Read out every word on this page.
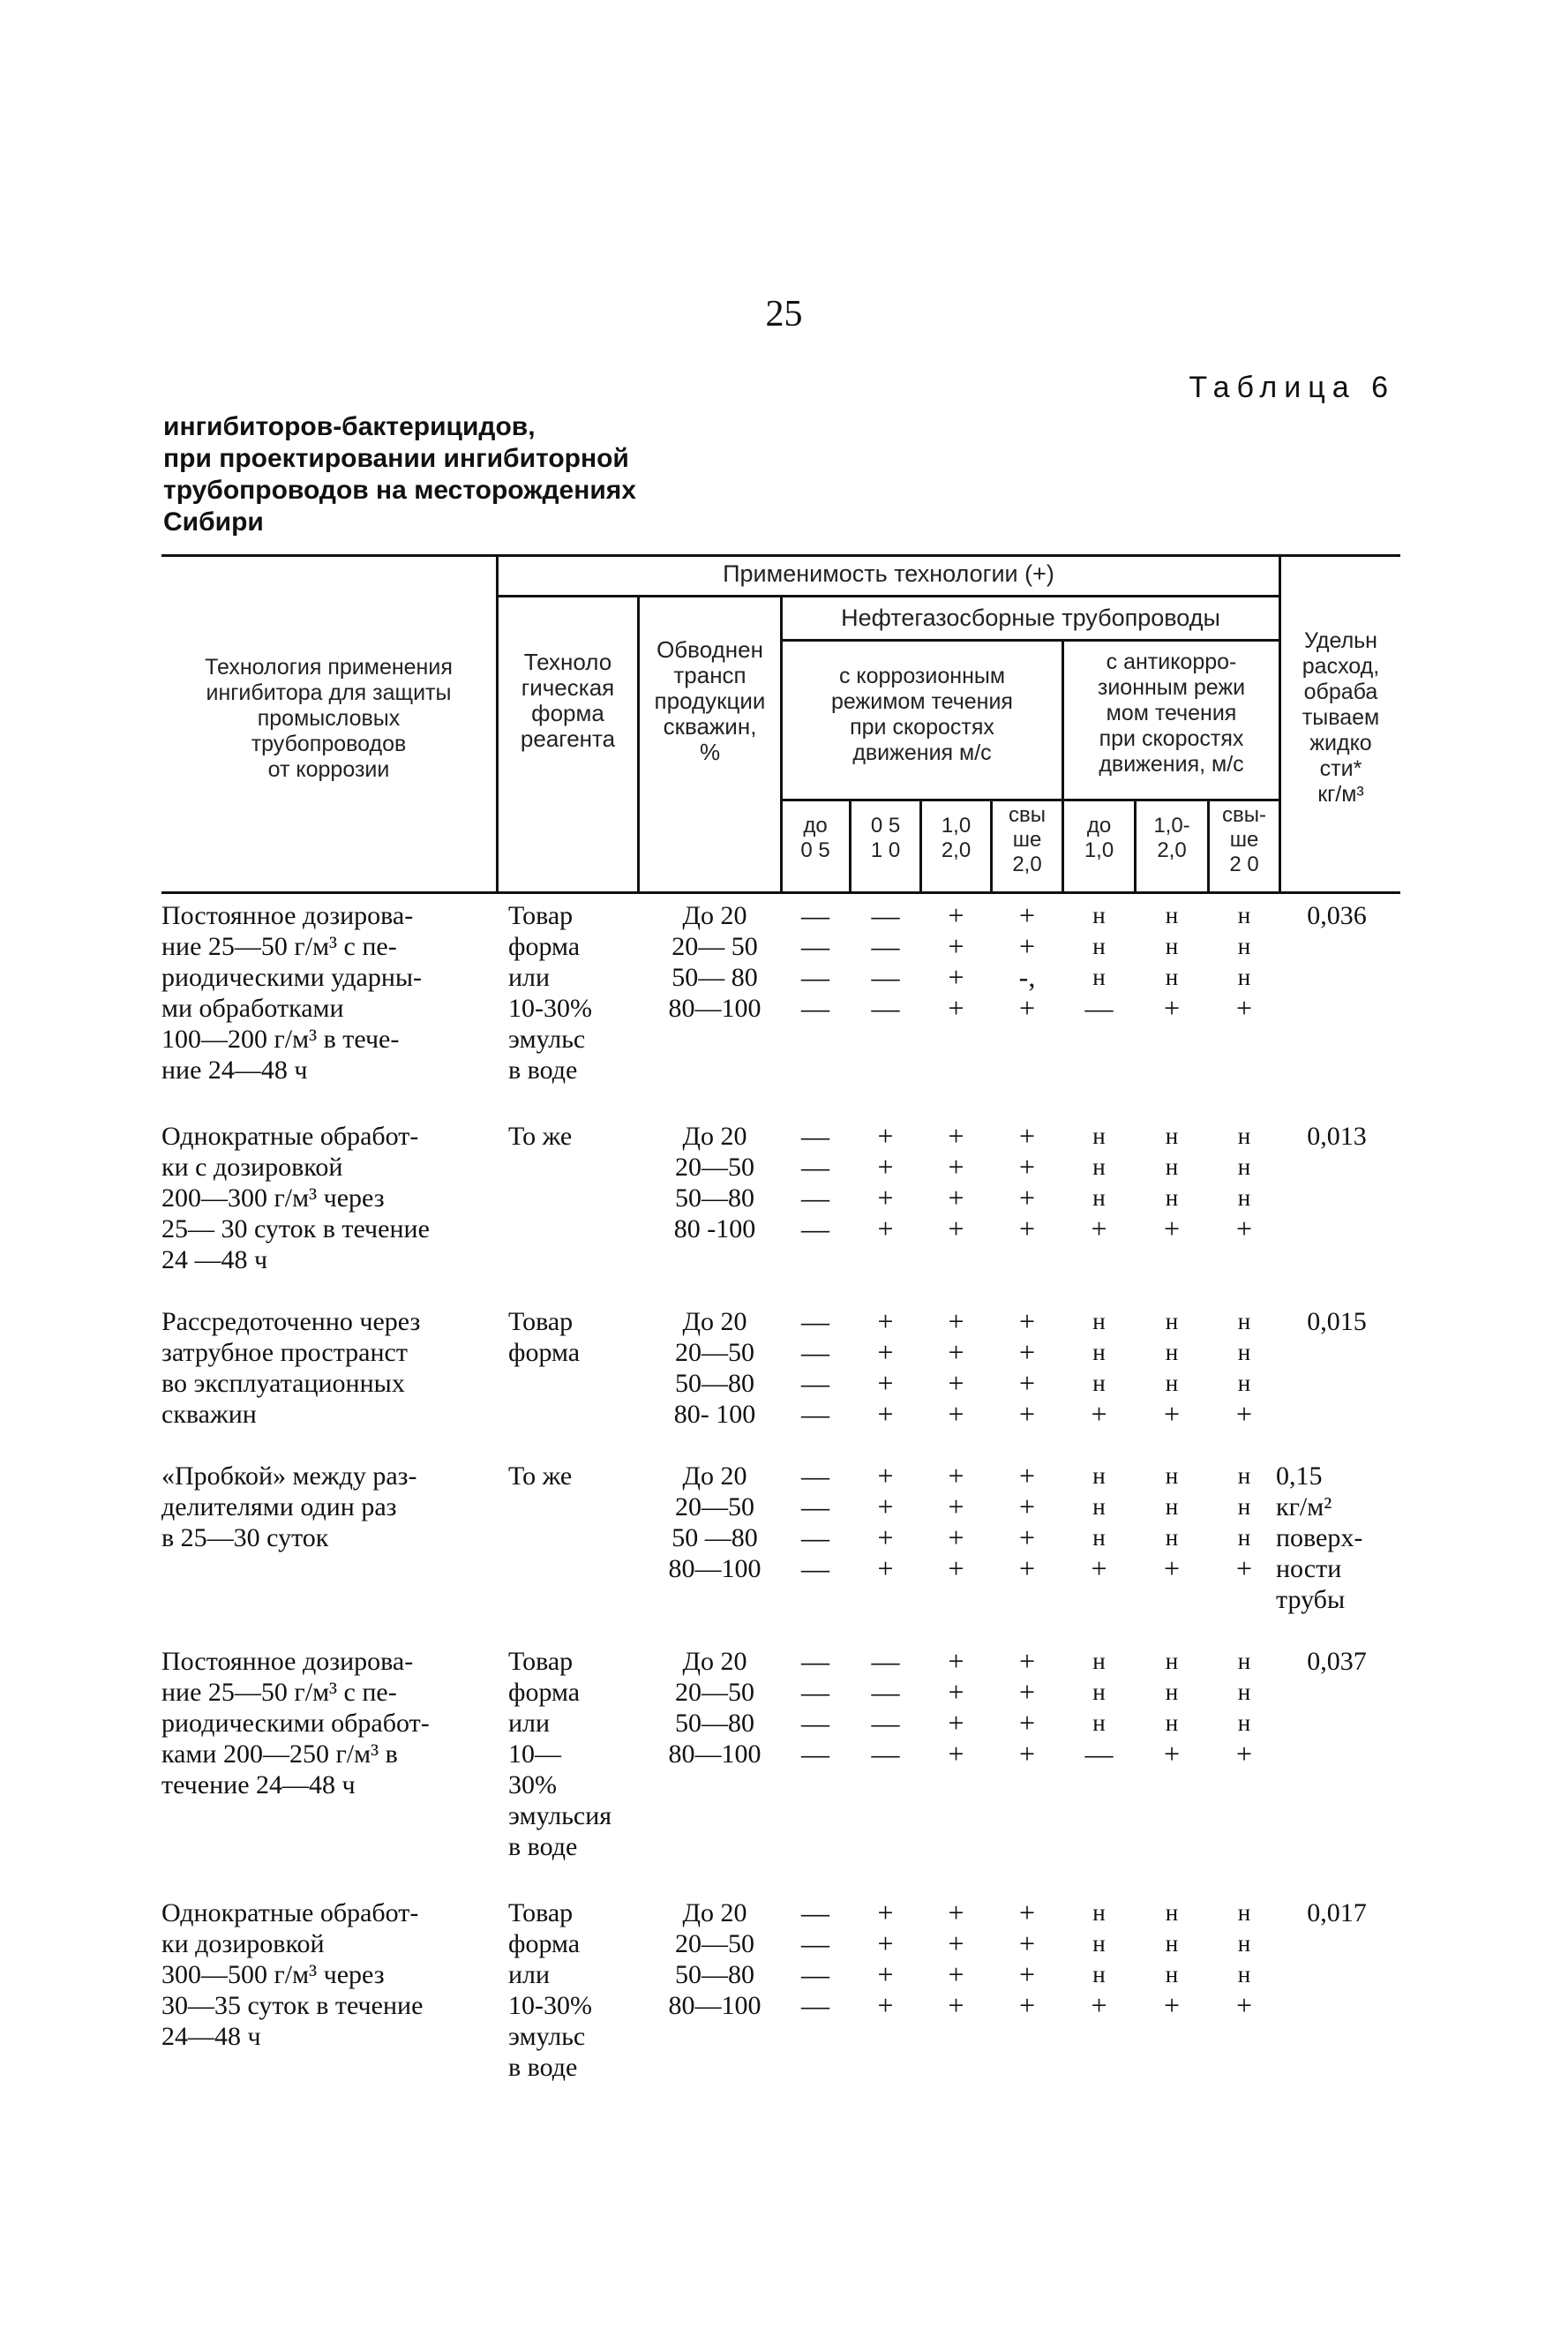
25
Таблица 6
ингибиторов-бактерицидов,
при проектировании ингибиторной
трубопроводов на месторождениях
Сибири
Применимость технологии (+)
Нефтегазосборные трубопроводы
Технология применения
ингибитора для защиты
промысловых
трубопроводов
от коррозии
Техноло
гическая
форма
реагента
Обводнен
трансп
продукции
скважин,
%
с коррозионным
режимом течения
при скоростях
движения м/с
с антикорро-
зионным режи
мом течения
при скоростях
движения, м/с
Удельн
расход,
обраба
тываем
жидко
сти*
кг/м³
до
0 5
0 5
1 0
1,0
2,0
свы
ше
2,0
до
1,0
1,0-
2,0
свы-
ше
2 0
Постоянное дозирова-
ние 25—50 г/м³ с пе-
риодическими ударны-
ми обработками
100—200 г/м³ в тече-
ние 24—48 ч
Товар
форма
или
10-30%
эмульс
в воде
До 20
20— 50
50— 80
80—100
0,036
—
—
—
—
—
—
—
—
+
+
+
+
+
+
-,
+
н
н
н
—
н
н
н
+
н
н
н
+
Однократные обработ-
ки с дозировкой
200—300 г/м³ через
25— 30 суток в течение
24 —48 ч
То же	До 20
20—50
50—80
80 -100
0,013
—
—
—
—
+
+
+
+
+
+
+
+
+
+
+
+
н
н
н
+
н
н
н
+
н
н
н
+
Рассредоточенно через
затрубное пространст
во эксплуатационных
скважин
Товар
форма
До 20
20—50
50—80
80- 100
0,015
—
—
—
—
+
+
+
+
+
+
+
+
+
+
+
+
н
н
н
+
н
н
н
+
н
н
н
+
«Пробкой» между раз-
делителями один раз
в 25—30 суток
То же	До 20
20—50
50 —80
80—100
0,15
кг/м²
поверх-
ности
трубы
—
—
—
—
+
+
+
+
+
+
+
+
+
+
+
+
н
н
н
+
н
н
н
+
н
н
н
+
Постоянное дозирова-
ние 25—50 г/м³ с пе-
риодическими обработ-
ками 200—250 г/м³ в
течение 24—48 ч
Товар
форма
или
10—
30%
эмульсия
в воде
До 20
20—50
50—80
80—100
0,037
—
—
—
—
—
—
—
—
+
+
+
+
+
+
+
+
н
н
н
—
н
н
н
+
н
н
н
+
Однократные обработ-
ки дозировкой
300—500 г/м³ через
30—35 суток в течение
24—48 ч
Товар
форма
или
10-30%
эмульс
в воде
До 20
20—50
50—80
80—100
0,017
—
—
—
—
+
+
+
+
+
+
+
+
+
+
+
+
н
н
н
+
н
н
н
+
н
н
н
+
